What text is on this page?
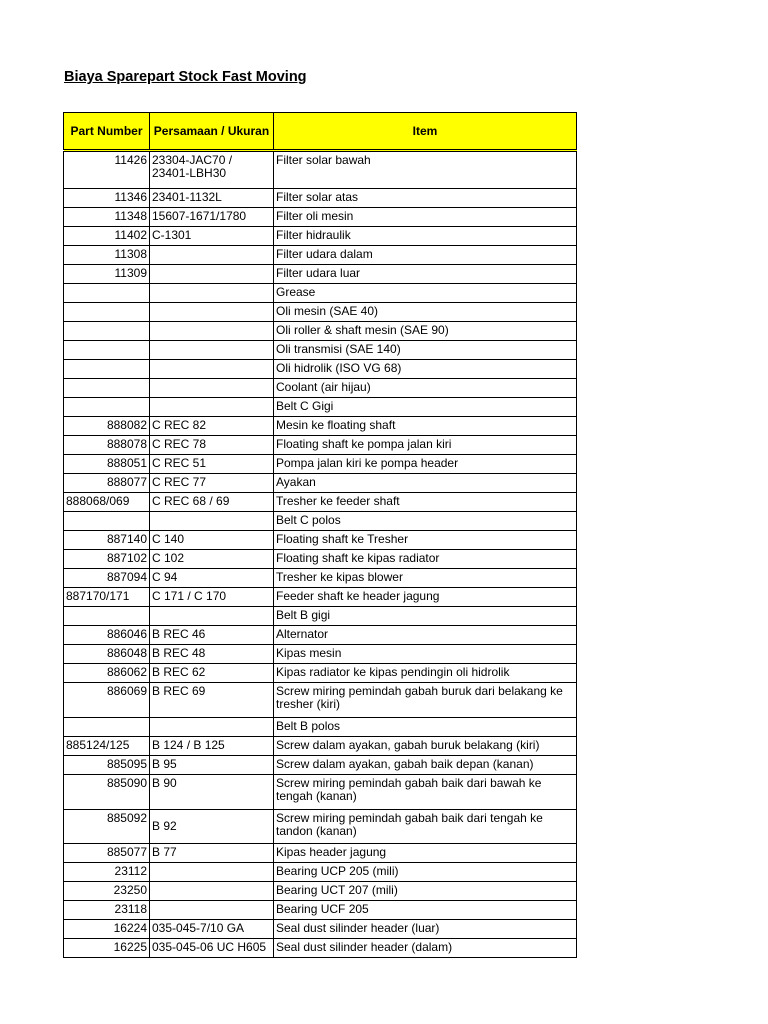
Biaya Sparepart Stock Fast Moving
Part Number	Persamaan / Ukuran	Item
11426	23304-JAC70 / 23401-LBH30	Filter solar bawah
11346	23401-1132L	Filter solar atas
11348	15607-1671/1780	Filter oli mesin
11402	C-1301	Filter hidraulik
11308		Filter udara dalam
11309		Filter udara luar
		Grease
		Oli mesin (SAE 40)
		Oli roller & shaft mesin (SAE 90)
		Oli transmisi (SAE 140)
		Oli hidrolik (ISO VG 68)
		Coolant (air hijau)
		Belt C Gigi
888082	C REC 82	Mesin ke floating shaft
888078	C REC 78	Floating shaft ke pompa jalan kiri
888051	C REC 51	Pompa jalan kiri ke pompa header
888077	C REC 77	Ayakan
888068/069	C REC 68 / 69	Tresher ke feeder shaft
		Belt C polos
887140	C 140	Floating shaft ke Tresher
887102	C 102	Floating shaft ke kipas radiator
887094	C 94	Tresher ke kipas blower
887170/171	C 171 / C 170	Feeder shaft ke header jagung
		Belt B gigi
886046	B REC 46	Alternator
886048	B REC 48	Kipas mesin
886062	B REC 62	Kipas radiator ke kipas pendingin oli hidrolik
886069	B REC 69	Screw miring pemindah gabah buruk dari belakang ke tresher (kiri)
		Belt B polos
885124/125	B 124 / B 125	Screw dalam ayakan, gabah buruk belakang (kiri)
885095	B 95	Screw dalam ayakan, gabah baik depan (kanan)
885090	B 90	Screw miring pemindah gabah baik dari bawah ke tengah (kanan)
885092	B 92	Screw miring pemindah gabah baik dari tengah ke tandon (kanan)
885077	B 77	Kipas header jagung
23112		Bearing UCP 205 (mili)
23250		Bearing UCT 207 (mili)
23118		Bearing UCF 205
16224	035-045-7/10 GA	Seal dust silinder header (luar)
16225	035-045-06 UC H605	Seal dust silinder header (dalam)
